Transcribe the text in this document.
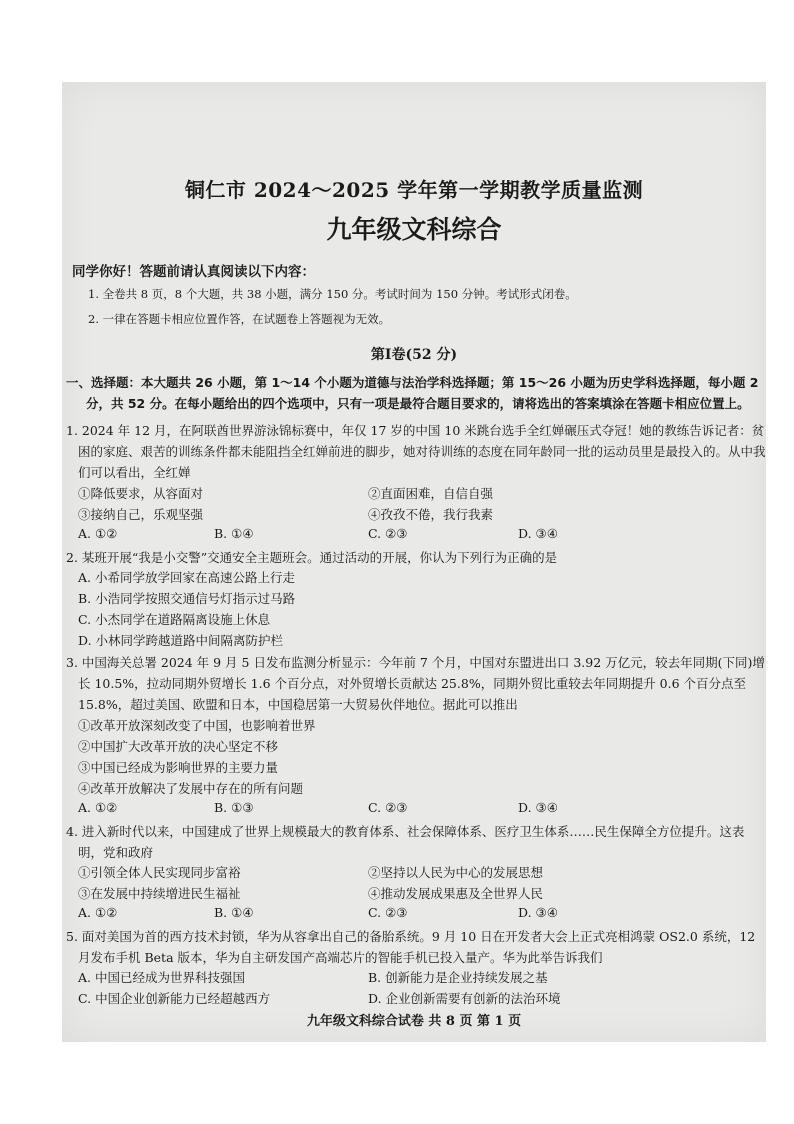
铜仁市 2024～2025 学年第一学期教学质量监测
九年级文科综合
同学你好！答题前请认真阅读以下内容：
1. 全卷共 8 页，8 个大题，共 38 小题，满分 150 分。考试时间为 150 分钟。考试形式闭卷。
2. 一律在答题卡相应位置作答，在试题卷上答题视为无效。
第Ⅰ卷(52 分)
一、选择题：本大题共 26 小题，第 1～14 个小题为道德与法治学科选择题；第 15～26 小题为历史学科选择题，每小题 2 分，共 52 分。在每小题给出的四个选项中，只有一项是最符合题目要求的，请将选出的答案填涂在答题卡相应位置上。
1. 2024 年 12 月，在阿联酋世界游泳锦标赛中，年仅 17 岁的中国 10 米跳台选手全红婵碾压式夺冠！她的教练告诉记者：贫困的家庭、艰苦的训练条件都未能阻挡全红婵前进的脚步，她对待训练的态度在同年龄同一批的运动员里是最投入的。从中我们可以看出，全红婵
①降低要求，从容面对	②直面困难，自信自强
③接纳自己，乐观坚强	④孜孜不倦，我行我素
A. ①②	B. ①④	C. ②③	D. ③④
2. 某班开展“我是小交警”交通安全主题班会。通过活动的开展，你认为下列行为正确的是
A. 小希同学放学回家在高速公路上行走
B. 小浩同学按照交通信号灯指示过马路
C. 小杰同学在道路隔离设施上休息
D. 小林同学跨越道路中间隔离防护栏
3. 中国海关总署 2024 年 9 月 5 日发布监测分析显示：今年前 7 个月，中国对东盟进出口 3.92 万亿元，较去年同期(下同)增长 10.5%，拉动同期外贸增长 1.6 个百分点，对外贸增长贡献达 25.8%，同期外贸比重较去年同期提升 0.6 个百分点至 15.8%，超过美国、欧盟和日本，中国稳居第一大贸易伙伴地位。据此可以推出
①改革开放深刻改变了中国，也影响着世界
②中国扩大改革开放的决心坚定不移
③中国已经成为影响世界的主要力量
④改革开放解决了发展中存在的所有问题
A. ①②	B. ①③	C. ②③	D. ③④
4. 进入新时代以来，中国建成了世界上规模最大的教育体系、社会保障体系、医疗卫生体系……民生保障全方位提升。这表明，党和政府
①引领全体人民实现同步富裕	②坚持以人民为中心的发展思想
③在发展中持续增进民生福祉	④推动发展成果惠及全世界人民
A. ①②	B. ①④	C. ②③	D. ③④
5. 面对美国为首的西方技术封锁，华为从容拿出自己的备胎系统。9 月 10 日在开发者大会上正式亮相鸿蒙 OS2.0 系统，12 月发布手机 Beta 版本，华为自主研发国产高端芯片的智能手机已投入量产。华为此举告诉我们
A. 中国已经成为世界科技强国	B. 创新能力是企业持续发展之基
C. 中国企业创新能力已经超越西方	D. 企业创新需要有创新的法治环境
九年级文科综合试卷 共 8 页 第 1 页
